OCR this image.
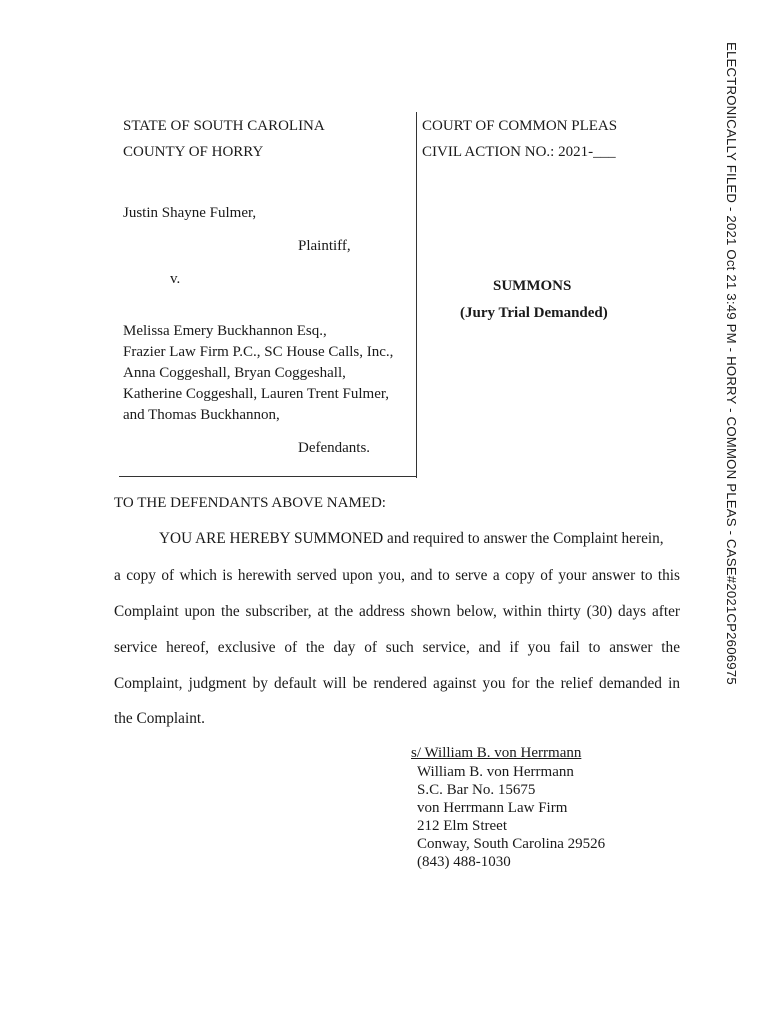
ELECTRONICALLY FILED - 2021 Oct 21 3:49 PM - HORRY - COMMON PLEAS - CASE#2021CP2606975
STATE OF SOUTH CAROLINA
COUNTY OF HORRY
COURT OF COMMON PLEAS
CIVIL ACTION NO.: 2021-___
Justin Shayne Fulmer,
Plaintiff,
v.
Melissa Emery Buckhannon Esq.,
Frazier Law Firm P.C., SC House Calls, Inc.,
Anna Coggeshall, Bryan Coggeshall,
Katherine Coggeshall, Lauren Trent Fulmer,
and Thomas Buckhannon,
Defendants.
SUMMONS
(Jury Trial Demanded)
TO THE DEFENDANTS ABOVE NAMED:
YOU ARE HEREBY SUMMONED and required to answer the Complaint herein,
a copy of which is herewith served upon you, and to serve a copy of your answer to this
Complaint upon the subscriber, at the address shown below, within thirty (30) days after
service hereof, exclusive of the day of such service, and if you fail to answer the
Complaint, judgment by default will be rendered against you for the relief demanded in
the Complaint.
s/ William B. von Herrmann
William B. von Herrmann
S.C. Bar No. 15675
von Herrmann Law Firm
212 Elm Street
Conway, South Carolina 29526
(843) 488-1030
